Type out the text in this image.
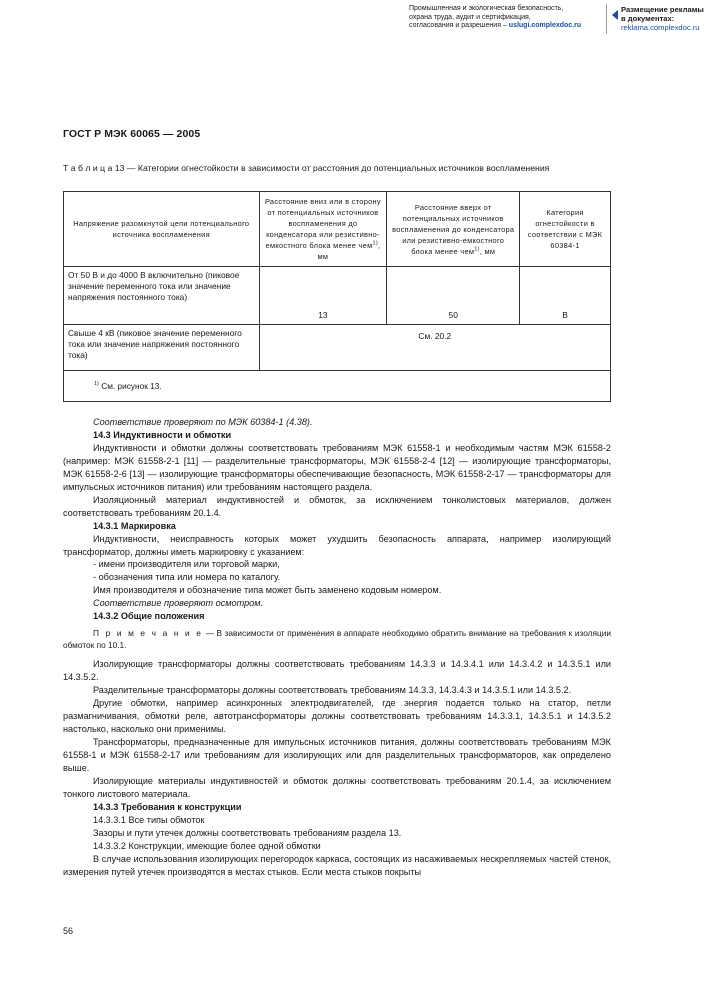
Промышленная и экологическая безопасность,
охрана труда, аудит и сертификация,
согласования и разрешения – uslugi.complexdoc.ru
Размещение рекламы
в документах:
reklama.complexdoc.ru
ГОСТ Р МЭК 60065 — 2005
Т а б л и ц а 13 — Категории огнестойкости в зависимости от расстояния до потенциальных источников воспламенения
Напряжение разомкнутой цепи потенциального источника воспламенения	Расстояние вниз или в сторону от потенциальных источников воспламенения до конденсатора или резистивно-емкостного блока менее чем$^{1)}$, мм	Расстояние вверх от потенциальных источников воспламенения до конденсатора или резистивно-емкостного блока менее чем$^{1)}$, мм	Категория огнестойкости в соответствии с МЭК 60384-1
От 50 В и до 4000 В включительно (пиковое значение переменного тока или значение напряжения постоянного тока)	13	50	В
Свыше 4 кВ (пиковое значение переменного тока или значение напряжения постоянного тока)	См. 20.2		
$^{1)}$ См. рисунок 13.			

Соответствие проверяют по МЭК 60384-1 (4.38).

14.3 Индуктивности и обмотки

Индуктивности и обмотки должны соответствовать требованиям МЭК 61558-1 и необходимым частям МЭК 61558-2 (например: МЭК 61558-2-1 [11] — разделительные трансформаторы, МЭК 61558-2-4 [12] — изолирующие трансформаторы, МЭК 61558-2-6 [13] — изолирующие трансформаторы обеспечивающие безопасность, МЭК 61558-2-17 — трансформаторы для импульсных источников питания) или требованиям настоящего раздела.

Изоляционный материал индуктивностей и обмоток, за исключением тонколистовых материалов, должен соответствовать требованиям 20.1.4.

14.3.1 Маркировка

Индуктивности, неисправность которых может ухудшить безопасность аппарата, например изолирующий трансформатор, должны иметь маркировку с указанием:

- имени производителя или торговой марки,

- обозначения типа или номера по каталогу.

Имя производителя и обозначение типа может быть заменено кодовым номером.

Соответствие проверяют осмотром.

14.3.2 Общие положения

П р и м е ч а н и е — В зависимости от применения в аппарате необходимо обратить внимание на требования к изоляции обмоток по 10.1.

Изолирующие трансформаторы должны соответствовать требованиям 14.3.3 и 14.3.4.1 или 14.3.4.2 и 14.3.5.1 или 14.3.5.2.

Разделительные трансформаторы должны соответствовать требованиям 14.3.3, 14.3.4.3 и 14.3.5.1 или 14.3.5.2.

Другие обмотки, например асинхронных электродвигателей, где энергия подается только на статор, петли размагничивания, обмотки реле, автотрансформаторы должны соответствовать требованиям 14.3.3.1, 14.3.5.1 и 14.3.5.2 настолько, насколько они применимы.

Трансформаторы, предназначенные для импульсных источников питания, должны соответствовать требованиям МЭК 61558-1 и МЭК 61558-2-17 или требованиям для изолирующих или для разделительных трансформаторов, как определено выше.

Изолирующие материалы индуктивностей и обмоток должны соответствовать требованиям 20.1.4, за исключением тонкого листового материала.

14.3.3 Требования к конструкции

14.3.3.1 Все типы обмоток

Зазоры и пути утечек должны соответствовать требованиям раздела 13.

14.3.3.2 Конструкции, имеющие более одной обмотки

В случае использования изолирующих перегородок каркаса, состоящих из насаживаемых нескрепляемых частей стенок, измерения путей утечек производятся в местах стыков. Если места стыков покрыты

56
